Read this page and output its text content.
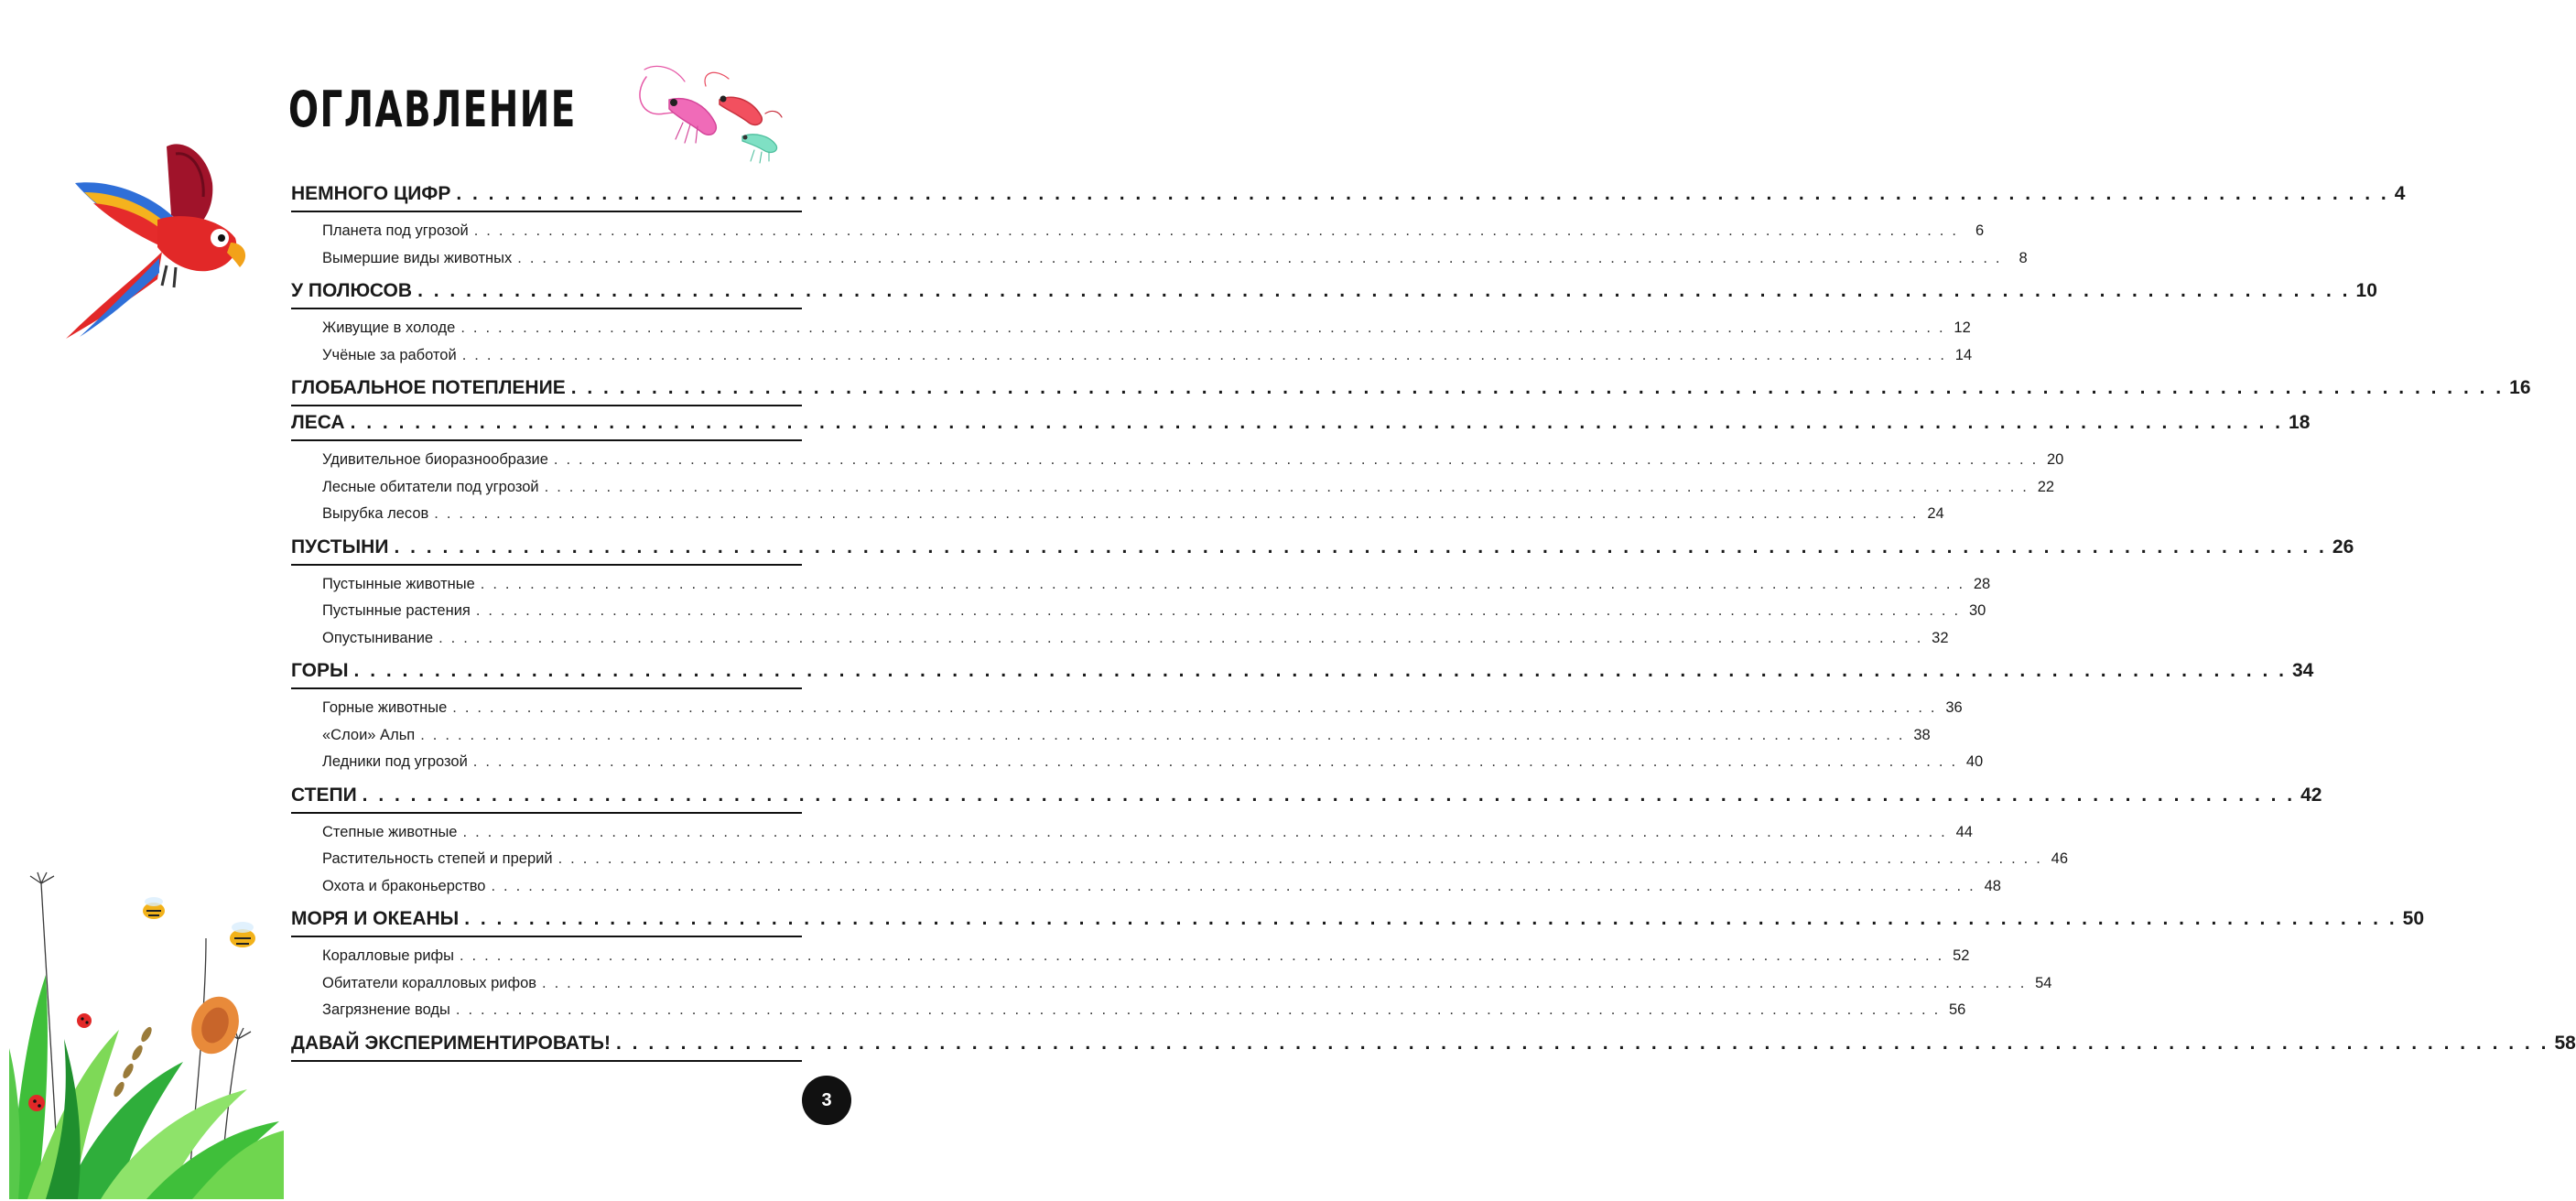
ОГЛАВЛЕНИЕ
НЕМНОГО ЦИФР . . . . . . . . . . . . . . . . . . . . . . . . . . . . . . . . . . . . . . . . . . . . . . . . . . . . . . . . . . . . . . . . . . . . . . . . . . . . . . . . . . . . . . . . . . . . . . . . . . . . . . . . . . . . . . . . . . . . . . . . 4
Планета под угрозой . . . . . . . . . . . . . . . . . . . . . . . . . . . . . . . . . . . . . . . . . . . . . . . . . . . . . . . . . . . . . . . . . . . . . . . . . . . . . . . . . . . . . . . . . . . . . . . . . . . . . . . . . . . . . . . . . . . . . . . .	6
Вымершие виды животных . . . . . . . . . . . . . . . . . . . . . . . . . . . . . . . . . . . . . . . . . . . . . . . . . . . . . . . . . . . . . . . . . . . . . . . . . . . . . . . . . . . . . . . . . . . . . . . . . . . . . . . . . . . . . . . . . . . . . . . .	8
У ПОЛЮСОВ . . . . . . . . . . . . . . . . . . . . . . . . . . . . . . . . . . . . . . . . . . . . . . . . . . . . . . . . . . . . . . . . . . . . . . . . . . . . . . . . . . . . . . . . . . . . . . . . . . . . . . . . . . . . . . . . . . . . . . . . 10
Живущие в холоде . . . . . . . . . . . . . . . . . . . . . . . . . . . . . . . . . . . . . . . . . . . . . . . . . . . . . . . . . . . . . . . . . . . . . . . . . . . . . . . . . . . . . . . . . . . . . . . . . . . . . . . . . . . . . . . . . . . . . . . . 12
Учёные за работой . . . . . . . . . . . . . . . . . . . . . . . . . . . . . . . . . . . . . . . . . . . . . . . . . . . . . . . . . . . . . . . . . . . . . . . . . . . . . . . . . . . . . . . . . . . . . . . . . . . . . . . . . . . . . . . . . . . . . . . . 14
ГЛОБАЛЬНОЕ ПОТЕПЛЕНИЕ . . . . . . . . . . . . . . . . . . . . . . . . . . . . . . . . . . . . . . . . . . . . . . . . . . . . . . . . . . . . . . . . . . . . . . . . . . . . . . . . . . . . . . . . . . . . . . . . . . . . . . . . . . . . . . . . . . . . . . . . 16
ЛЕСА . . . . . . . . . . . . . . . . . . . . . . . . . . . . . . . . . . . . . . . . . . . . . . . . . . . . . . . . . . . . . . . . . . . . . . . . . . . . . . . . . . . . . . . . . . . . . . . . . . . . . . . . . . . . . . . . . . . . . . . . 18
Удивительное биоразнообразие . . . . . . . . . . . . . . . . . . . . . . . . . . . . . . . . . . . . . . . . . . . . . . . . . . . . . . . . . . . . . . . . . . . . . . . . . . . . . . . . . . . . . . . . . . . . . . . . . . . . . . . . . . . . . . . . . . . . . . . . 20
Лесные обитатели под угрозой . . . . . . . . . . . . . . . . . . . . . . . . . . . . . . . . . . . . . . . . . . . . . . . . . . . . . . . . . . . . . . . . . . . . . . . . . . . . . . . . . . . . . . . . . . . . . . . . . . . . . . . . . . . . . . . . . . . . . . . . 22
Вырубка лесов . . . . . . . . . . . . . . . . . . . . . . . . . . . . . . . . . . . . . . . . . . . . . . . . . . . . . . . . . . . . . . . . . . . . . . . . . . . . . . . . . . . . . . . . . . . . . . . . . . . . . . . . . . . . . . . . . . . . . . . . 24
ПУСТЫНИ . . . . . . . . . . . . . . . . . . . . . . . . . . . . . . . . . . . . . . . . . . . . . . . . . . . . . . . . . . . . . . . . . . . . . . . . . . . . . . . . . . . . . . . . . . . . . . . . . . . . . . . . . . . . . . . . . . . . . . . . 26
Пустынные животные . . . . . . . . . . . . . . . . . . . . . . . . . . . . . . . . . . . . . . . . . . . . . . . . . . . . . . . . . . . . . . . . . . . . . . . . . . . . . . . . . . . . . . . . . . . . . . . . . . . . . . . . . . . . . . . . . . . . . . . . 28
Пустынные растения . . . . . . . . . . . . . . . . . . . . . . . . . . . . . . . . . . . . . . . . . . . . . . . . . . . . . . . . . . . . . . . . . . . . . . . . . . . . . . . . . . . . . . . . . . . . . . . . . . . . . . . . . . . . . . . . . . . . . . . . 30
Опустынивание . . . . . . . . . . . . . . . . . . . . . . . . . . . . . . . . . . . . . . . . . . . . . . . . . . . . . . . . . . . . . . . . . . . . . . . . . . . . . . . . . . . . . . . . . . . . . . . . . . . . . . . . . . . . . . . . . . . . . . . . 32
ГОРЫ . . . . . . . . . . . . . . . . . . . . . . . . . . . . . . . . . . . . . . . . . . . . . . . . . . . . . . . . . . . . . . . . . . . . . . . . . . . . . . . . . . . . . . . . . . . . . . . . . . . . . . . . . . . . . . . . . . . . . . . . 34
Горные животные . . . . . . . . . . . . . . . . . . . . . . . . . . . . . . . . . . . . . . . . . . . . . . . . . . . . . . . . . . . . . . . . . . . . . . . . . . . . . . . . . . . . . . . . . . . . . . . . . . . . . . . . . . . . . . . . . . . . . . . . 36
«Слои» Альп . . . . . . . . . . . . . . . . . . . . . . . . . . . . . . . . . . . . . . . . . . . . . . . . . . . . . . . . . . . . . . . . . . . . . . . . . . . . . . . . . . . . . . . . . . . . . . . . . . . . . . . . . . . . . . . . . . . . . . . . 38
Ледники под угрозой . . . . . . . . . . . . . . . . . . . . . . . . . . . . . . . . . . . . . . . . . . . . . . . . . . . . . . . . . . . . . . . . . . . . . . . . . . . . . . . . . . . . . . . . . . . . . . . . . . . . . . . . . . . . . . . . . . . . . . . . 40
СТЕПИ . . . . . . . . . . . . . . . . . . . . . . . . . . . . . . . . . . . . . . . . . . . . . . . . . . . . . . . . . . . . . . . . . . . . . . . . . . . . . . . . . . . . . . . . . . . . . . . . . . . . . . . . . . . . . . . . . . . . . . . . 42
Степные животные . . . . . . . . . . . . . . . . . . . . . . . . . . . . . . . . . . . . . . . . . . . . . . . . . . . . . . . . . . . . . . . . . . . . . . . . . . . . . . . . . . . . . . . . . . . . . . . . . . . . . . . . . . . . . . . . . . . . . . . . 44
Растительность степей и прерий . . . . . . . . . . . . . . . . . . . . . . . . . . . . . . . . . . . . . . . . . . . . . . . . . . . . . . . . . . . . . . . . . . . . . . . . . . . . . . . . . . . . . . . . . . . . . . . . . . . . . . . . . . . . . . . . . . . . . . . . 46
Охота и браконьерство . . . . . . . . . . . . . . . . . . . . . . . . . . . . . . . . . . . . . . . . . . . . . . . . . . . . . . . . . . . . . . . . . . . . . . . . . . . . . . . . . . . . . . . . . . . . . . . . . . . . . . . . . . . . . . . . . . . . . . . . 48
МОРЯ И ОКЕАНЫ . . . . . . . . . . . . . . . . . . . . . . . . . . . . . . . . . . . . . . . . . . . . . . . . . . . . . . . . . . . . . . . . . . . . . . . . . . . . . . . . . . . . . . . . . . . . . . . . . . . . . . . . . . . . . . . . . . . . . . . . 50
Коралловые рифы . . . . . . . . . . . . . . . . . . . . . . . . . . . . . . . . . . . . . . . . . . . . . . . . . . . . . . . . . . . . . . . . . . . . . . . . . . . . . . . . . . . . . . . . . . . . . . . . . . . . . . . . . . . . . . . . . . . . . . . . 52
Обитатели коралловых рифов . . . . . . . . . . . . . . . . . . . . . . . . . . . . . . . . . . . . . . . . . . . . . . . . . . . . . . . . . . . . . . . . . . . . . . . . . . . . . . . . . . . . . . . . . . . . . . . . . . . . . . . . . . . . . . . . . . . . . . . . 54
Загрязнение воды . . . . . . . . . . . . . . . . . . . . . . . . . . . . . . . . . . . . . . . . . . . . . . . . . . . . . . . . . . . . . . . . . . . . . . . . . . . . . . . . . . . . . . . . . . . . . . . . . . . . . . . . . . . . . . . . . . . . . . . . 56
ДАВАЙ ЭКСПЕРИМЕНТИРОВАТЬ! . . . . . . . . . . . . . . . . . . . . . . . . . . . . . . . . . . . . . . . . . . . . . . . . . . . . . . . . . . . . . . . . . . . . . . . . . . . . . . . . . . . . . . . . . . . . . . . . . . . . . . . . . . . . . . . . . . . . . . . . 58
3
